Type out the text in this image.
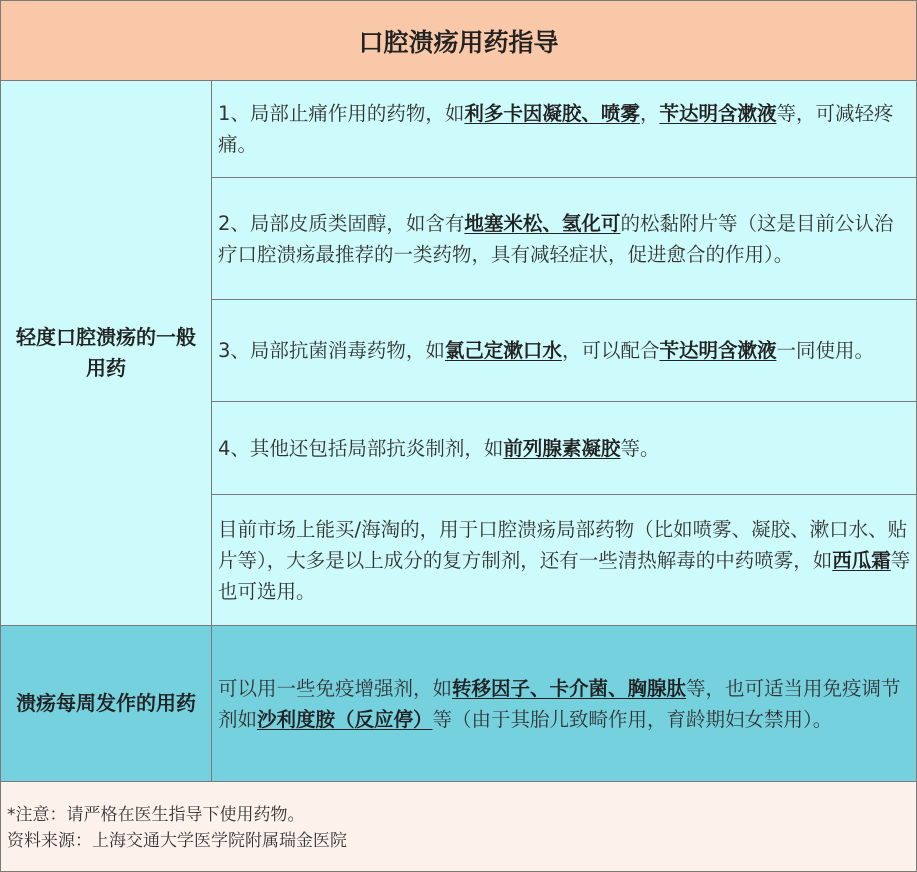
口腔溃疡用药指导
轻度口腔溃疡的一般用药
1、局部止痛作用的药物，如利多卡因凝胶、喷雾，苄达明含漱液等，可减轻疼痛。
2、局部皮质类固醇，如含有地塞米松、氢化可的松黏附片等（这是目前公认治疗口腔溃疡最推荐的一类药物，具有减轻症状，促进愈合的作用）。
3、局部抗菌消毒药物，如氯己定漱口水，可以配合苄达明含漱液一同使用。
4、其他还包括局部抗炎制剂，如前列腺素凝胶等。
目前市场上能买/海淘的，用于口腔溃疡局部药物（比如喷雾、凝胶、漱口水、贴片等），大多是以上成分的复方制剂，还有一些清热解毒的中药喷雾，如西瓜霜等也可选用。
溃疡每周发作的用药
可以用一些免疫增强剂，如转移因子、卡介菌、胸腺肽等，也可适当用免疫调节剂如沙利度胺（反应停）等（由于其胎儿致畸作用，育龄期妇女禁用）。
*注意：请严格在医生指导下使用药物。
资料来源：上海交通大学医学院附属瑞金医院
